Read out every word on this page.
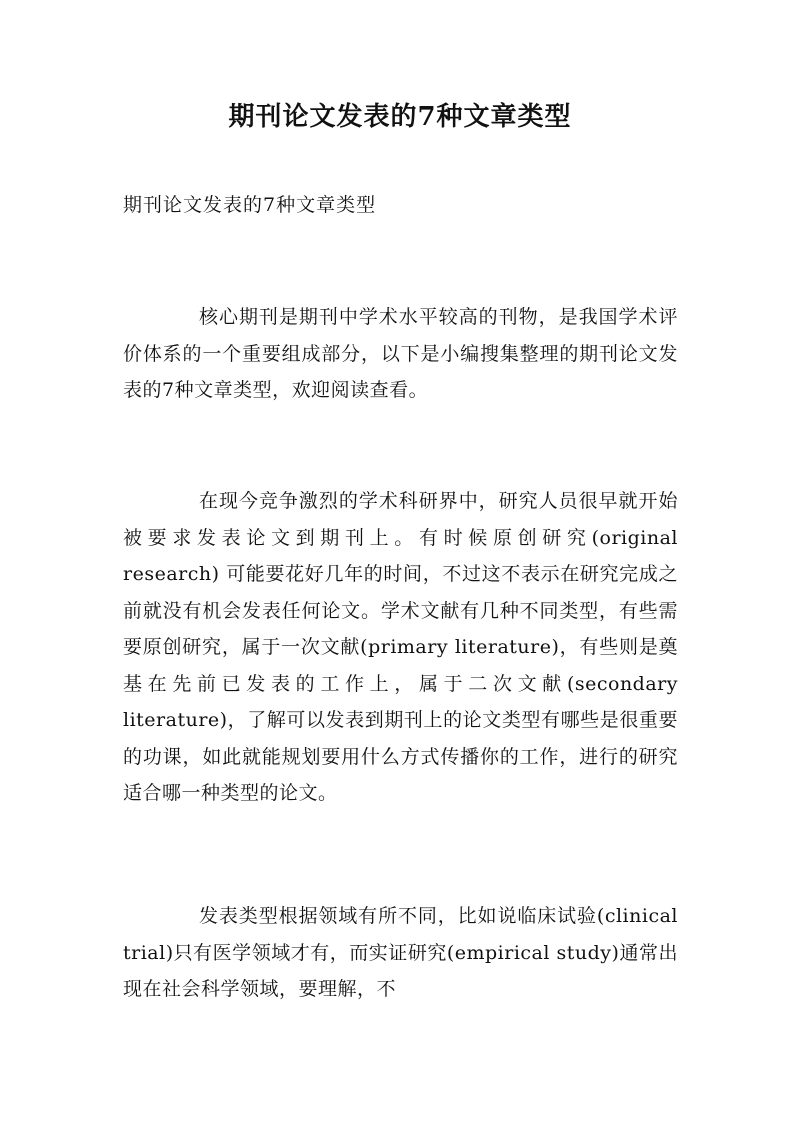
期刊论文发表的7种文章类型

期刊论文发表的7种文章类型

核心期刊是期刊中学术水平较高的刊物，是我国学术评价体系的一个重要组成部分，以下是小编搜集整理的期刊论文发表的7种文章类型，欢迎阅读查看。

在现今竞争激烈的学术科研界中，研究人员很早就开始被要求发表论文到期刊上。有时候原创研究(original research) 可能要花好几年的时间，不过这不表示在研究完成之前就没有机会发表任何论文。学术文献有几种不同类型，有些需要原创研究，属于一次文献(primary literature)，有些则是奠基在先前已发表的工作上，属于二次文献(secondary literature)，了解可以发表到期刊上的论文类型有哪些是很重要的功课，如此就能规划要用什么方式传播你的工作，进行的研究适合哪一种类型的论文。

发表类型根据领域有所不同，比如说临床试验(clinical trial)只有医学领域才有，而实证研究(empirical study)通常出现在社会科学领域，要理解，不
